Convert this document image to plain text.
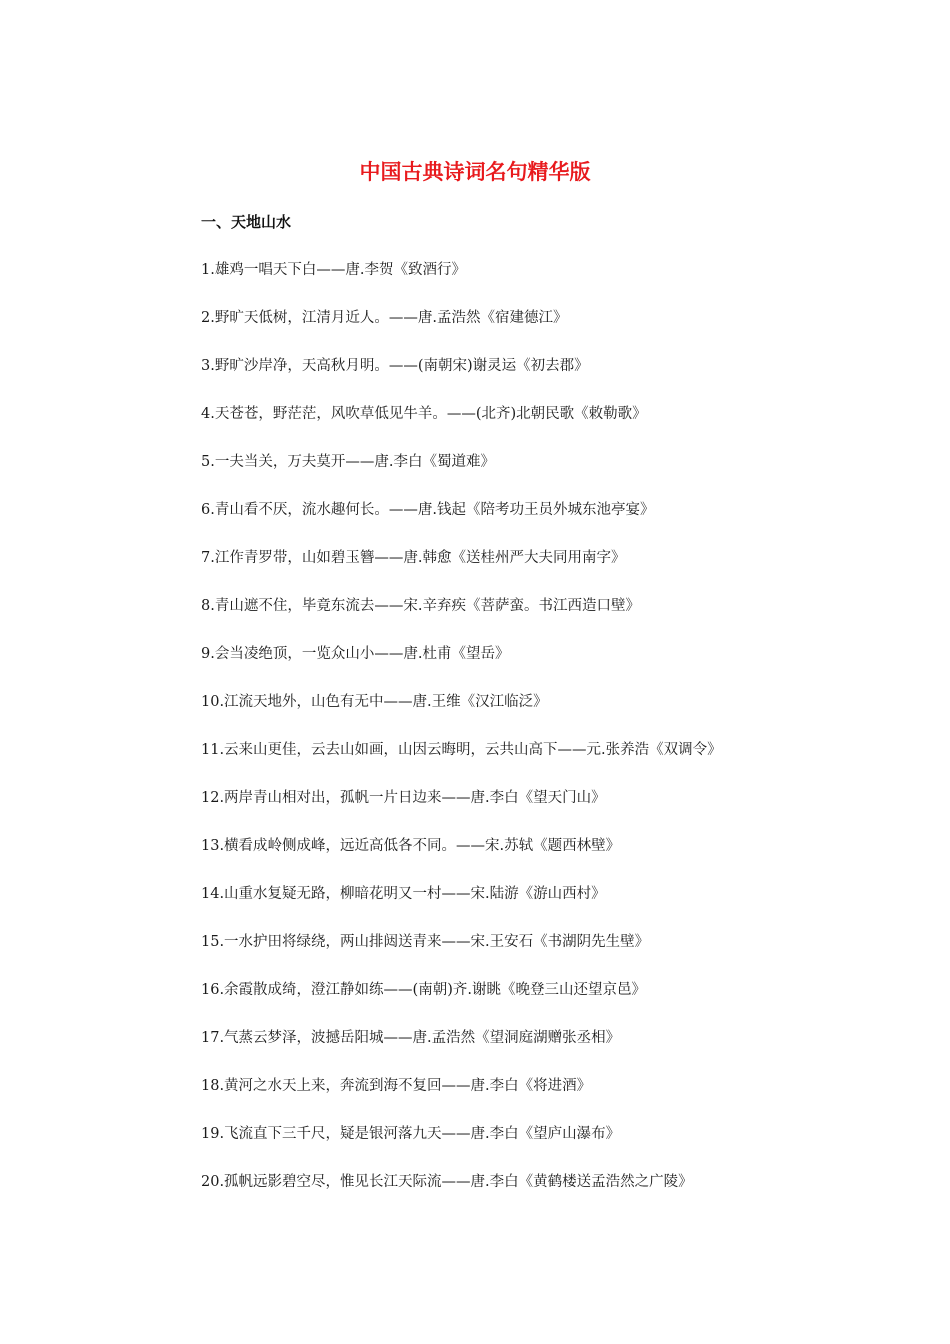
中国古典诗词名句精华版
一、天地山水
1.雄鸡一唱天下白——唐.李贺《致酒行》
2.野旷天低树，江清月近人。——唐.孟浩然《宿建德江》
3.野旷沙岸净，天高秋月明。——(南朝宋)谢灵运《初去郡》
4.天苍苍，野茫茫，风吹草低见牛羊。——(北齐)北朝民歌《敕勒歌》
5.一夫当关，万夫莫开——唐.李白《蜀道难》
6.青山看不厌，流水趣何长。——唐.钱起《陪考功王员外城东池亭宴》
7.江作青罗带，山如碧玉簪——唐.韩愈《送桂州严大夫同用南字》
8.青山遮不住，毕竟东流去——宋.辛弃疾《菩萨蛮。书江西造口壁》
9.会当凌绝顶，一览众山小——唐.杜甫《望岳》
10.江流天地外，山色有无中——唐.王维《汉江临泛》
11.云来山更佳，云去山如画，山因云晦明，云共山高下——元.张养浩《双调令》
12.两岸青山相对出，孤帆一片日边来——唐.李白《望天门山》
13.横看成岭侧成峰，远近高低各不同。——宋.苏轼《题西林壁》
14.山重水复疑无路，柳暗花明又一村——宋.陆游《游山西村》
15.一水护田将绿绕，两山排闼送青来——宋.王安石《书湖阴先生壁》
16.余霞散成绮，澄江静如练——(南朝)齐.谢眺《晚登三山还望京邑》
17.气蒸云梦泽，波撼岳阳城——唐.孟浩然《望洞庭湖赠张丞相》
18.黄河之水天上来，奔流到海不复回——唐.李白《将进酒》
19.飞流直下三千尺，疑是银河落九天——唐.李白《望庐山瀑布》
20.孤帆远影碧空尽，惟见长江天际流——唐.李白《黄鹤楼送孟浩然之广陵》
